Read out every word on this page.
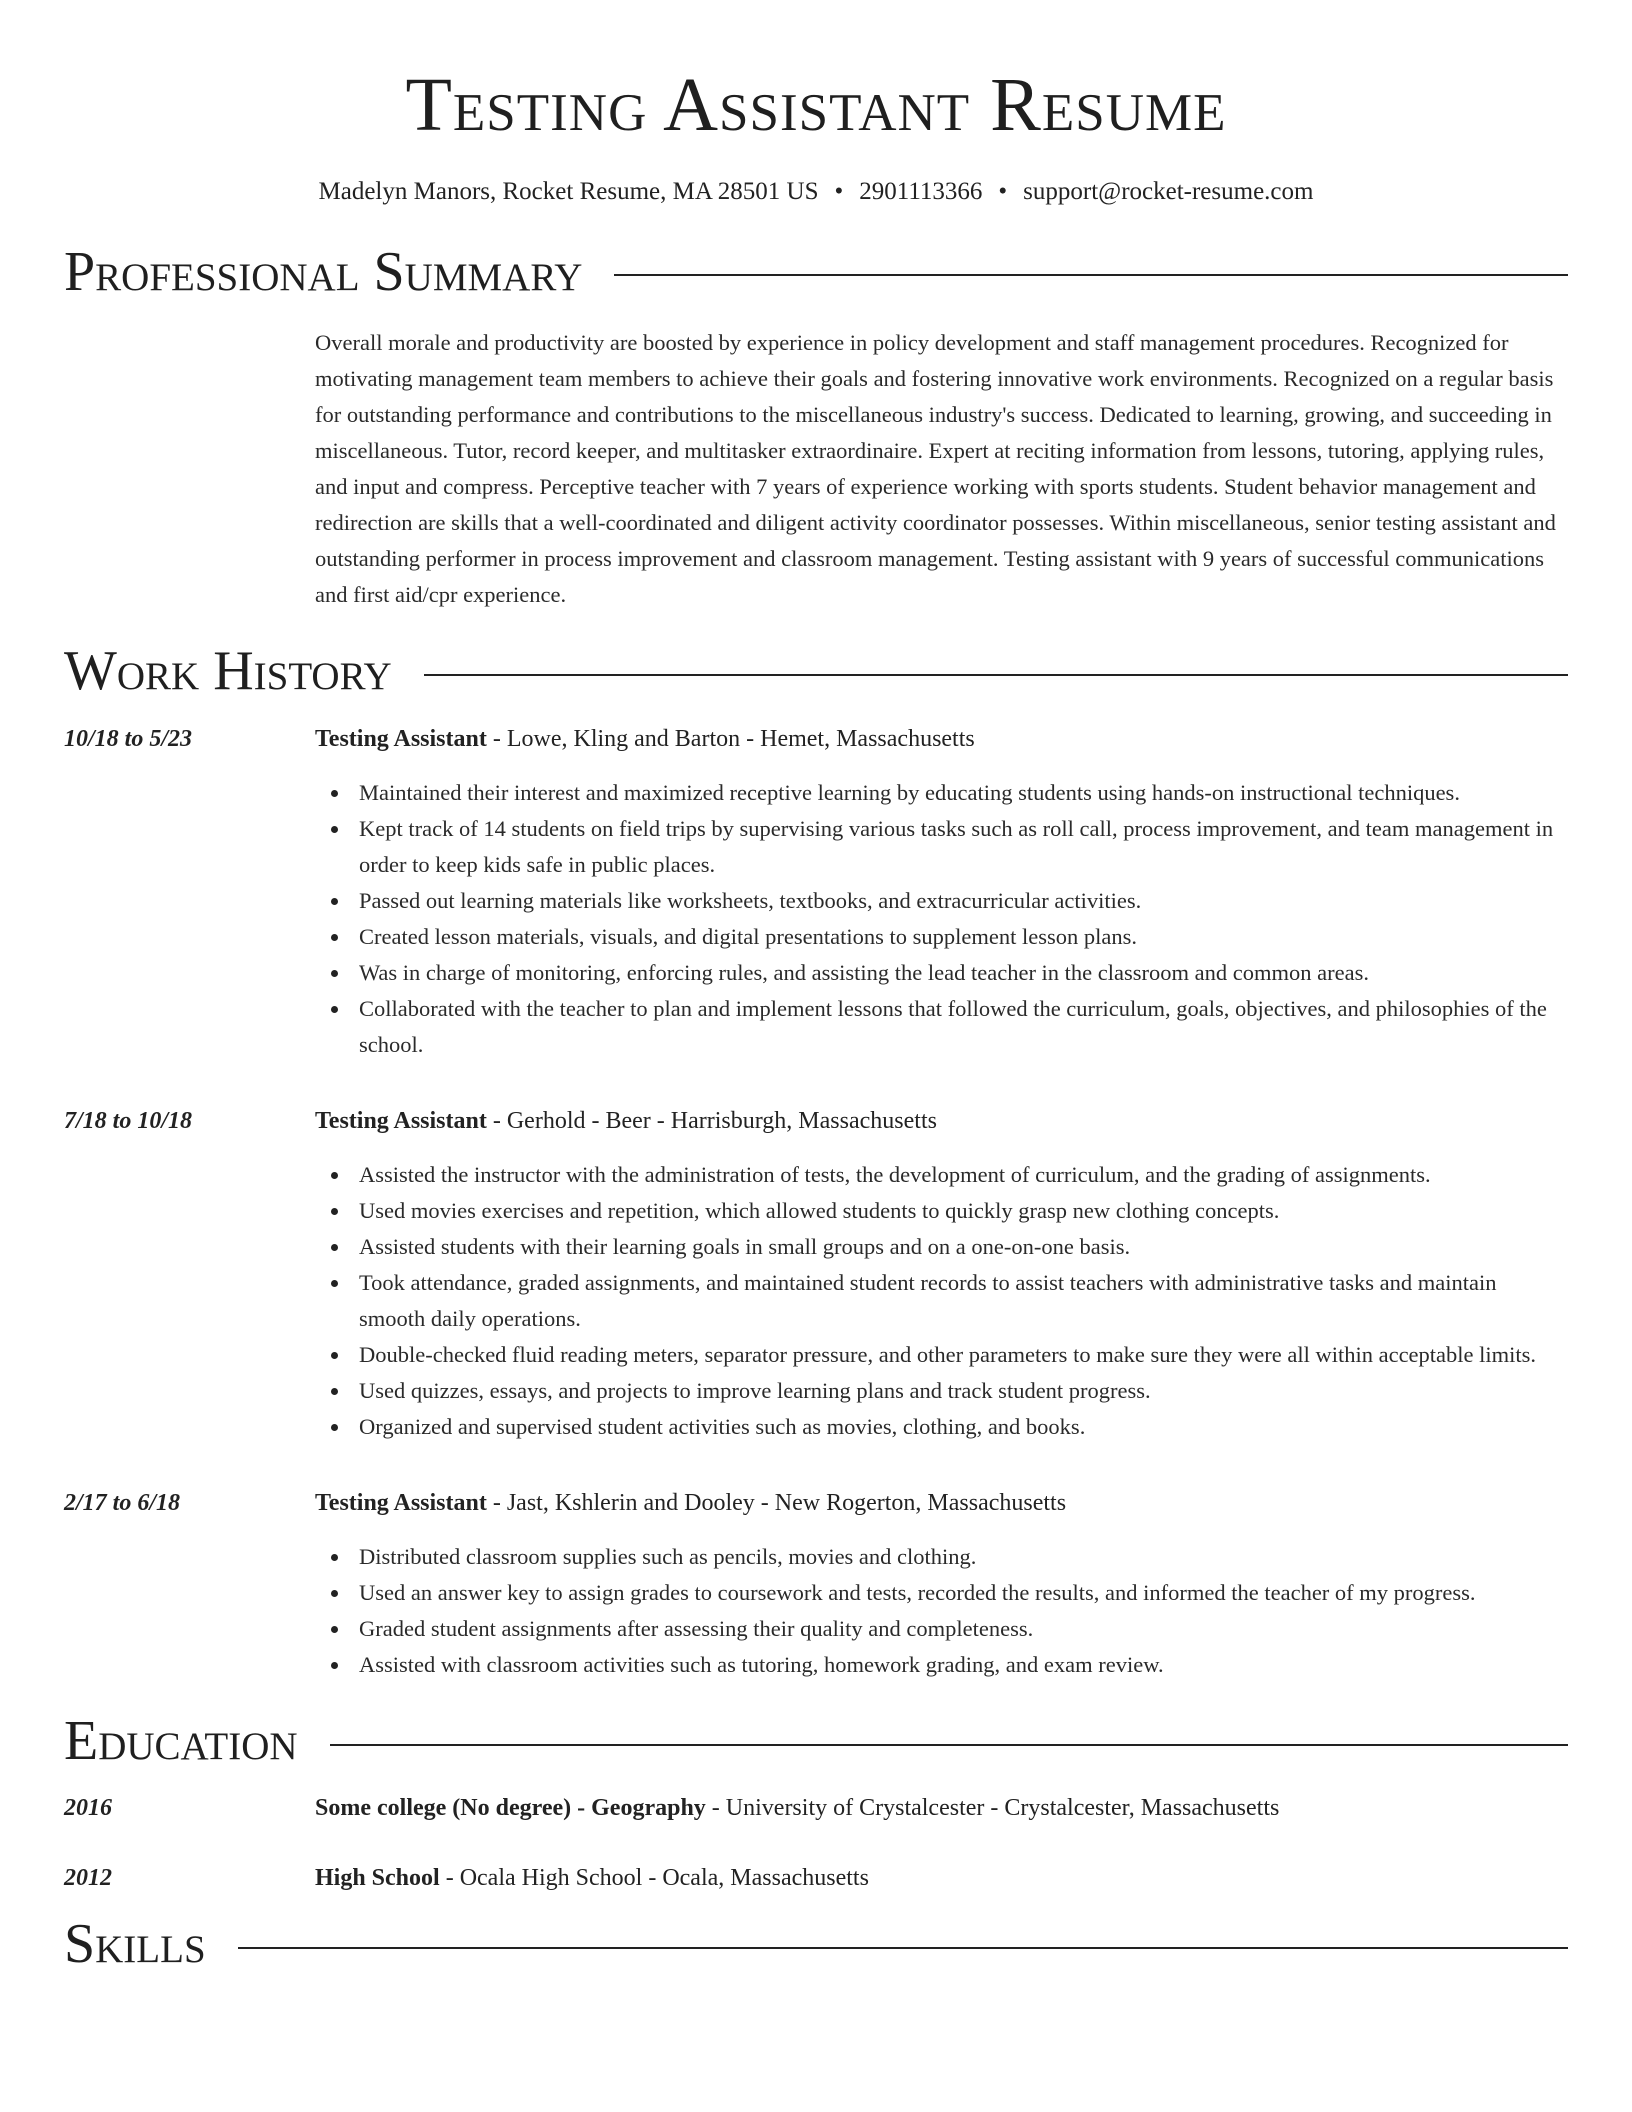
Testing Assistant Resume
Madelyn Manors, Rocket Resume, MA 28501 US • 2901113366 • support@rocket-resume.com
Professional Summary

Overall morale and productivity are boosted by experience in policy development and staff management procedures. Recognized for motivating management team members to achieve their goals and fostering innovative work environments. Recognized on a regular basis for outstanding performance and contributions to the miscellaneous industry's success. Dedicated to learning, growing, and succeeding in miscellaneous. Tutor, record keeper, and multitasker extraordinaire. Expert at reciting information from lessons, tutoring, applying rules, and input and compress. Perceptive teacher with 7 years of experience working with sports students. Student behavior management and redirection are skills that a well-coordinated and diligent activity coordinator possesses. Within miscellaneous, senior testing assistant and outstanding performer in process improvement and classroom management. Testing assistant with 9 years of successful communications and first aid/cpr experience.

Work History
10/18 to 5/23	Testing Assistant - Lowe, Kling and Barton - Hemet, Massachusetts
Maintained their interest and maximized receptive learning by educating students using hands-on instructional techniques.
Kept track of 14 students on field trips by supervising various tasks such as roll call, process improvement, and team management in order to keep kids safe in public places.
Passed out learning materials like worksheets, textbooks, and extracurricular activities.
Created lesson materials, visuals, and digital presentations to supplement lesson plans.
Was in charge of monitoring, enforcing rules, and assisting the lead teacher in the classroom and common areas.
Collaborated with the teacher to plan and implement lessons that followed the curriculum, goals, objectives, and philosophies of the school.
7/18 to 10/18	Testing Assistant - Gerhold - Beer - Harrisburgh, Massachusetts
Assisted the instructor with the administration of tests, the development of curriculum, and the grading of assignments.
Used movies exercises and repetition, which allowed students to quickly grasp new clothing concepts.
Assisted students with their learning goals in small groups and on a one-on-one basis.
Took attendance, graded assignments, and maintained student records to assist teachers with administrative tasks and maintain smooth daily operations.
Double-checked fluid reading meters, separator pressure, and other parameters to make sure they were all within acceptable limits.
Used quizzes, essays, and projects to improve learning plans and track student progress.
Organized and supervised student activities such as movies, clothing, and books.
2/17 to 6/18	Testing Assistant - Jast, Kshlerin and Dooley - New Rogerton, Massachusetts
Distributed classroom supplies such as pencils, movies and clothing.
Used an answer key to assign grades to coursework and tests, recorded the results, and informed the teacher of my progress.
Graded student assignments after assessing their quality and completeness.
Assisted with classroom activities such as tutoring, homework grading, and exam review.
Education
2016	Some college (No degree) - Geography - University of Crystalcester - Crystalcester, Massachusetts
2012	High School - Ocala High School - Ocala, Massachusetts
Skills
